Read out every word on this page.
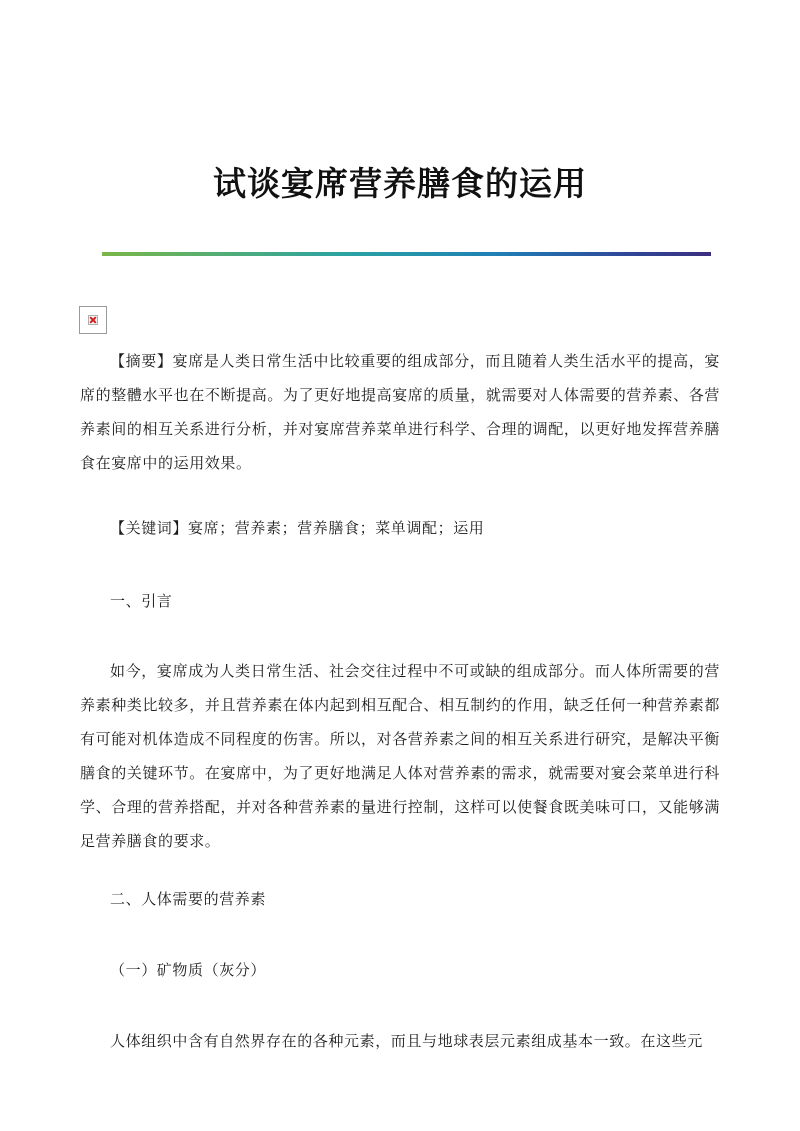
试谈宴席营养膳食的运用

【摘要】宴席是人类日常生活中比较重要的组成部分，而且随着人类生活水平的提高，宴席的整體水平也在不断提高。为了更好地提高宴席的质量，就需要对人体需要的营养素、各营养素间的相互关系进行分析，并对宴席营养菜单进行科学、合理的调配，以更好地发挥营养膳食在宴席中的运用效果。

【关键词】宴席；营养素；营养膳食；菜单调配；运用

一、引言

如今，宴席成为人类日常生活、社会交往过程中不可或缺的组成部分。而人体所需要的营养素种类比较多，并且营养素在体内起到相互配合、相互制约的作用，缺乏任何一种营养素都有可能对机体造成不同程度的伤害。所以，对各营养素之间的相互关系进行研究，是解决平衡膳食的关键环节。在宴席中，为了更好地满足人体对营养素的需求，就需要对宴会菜单进行科学、合理的营养搭配，并对各种营养素的量进行控制，这样可以使餐食既美味可口，又能够满足营养膳食的要求。

二、人体需要的营养素

（一）矿物质（灰分）

人体组织中含有自然界存在的各种元素，而且与地球表层元素组成基本一致。在这些元
